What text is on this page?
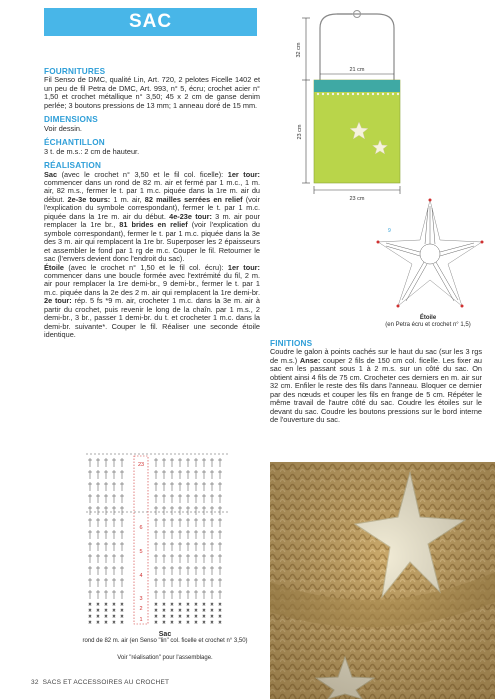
SAC
FOURNITURES

Fil Senso de DMC, qualité Lin, Art. 720, 2 pelotes Ficelle 1402 et un peu de fil Petra de DMC, Art. 993, n° 5, écru; crochet acier n° 1,50 et crochet métallique n° 3,50; 45 x 2 cm de ganse denim perlée; 3 boutons pressions de 13 mm; 1 anneau doré de 15 mm.

DIMENSIONS

Voir dessin.

ÉCHANTILLON

3 t. de m.s.: 2 cm de hauteur.

RÉALISATION

Sac (avec le crochet n° 3,50 et le fil col. ficelle): 1er tour: commencer dans un rond de 82 m. air et fermé par 1 m.c., 1 m. air, 82 m.s., fermer le t. par 1 m.c. piquée dans la 1re m. air du début. 2e-3e tours: 1 m. air, 82 mailles serrées en relief (voir l'explication du symbole correspondant), fermer le t. par 1 m.c. piquée dans la 1re m. air du début. 4e-23e tour: 3 m. air pour remplacer la 1re br., 81 brides en relief (voir l'explication du symbole correspondant), fermer le t. par 1 m.c. piquée dans la 3e des 3 m. air qui remplacent la 1re br. Superposer les 2 épaisseurs et assembler le fond par 1 rg de m.c. Couper le fil. Retourner le sac (l'envers devient donc l'endroit du sac).

Étoile (avec le crochet n° 1,50 et le fil col. écru): 1er tour: commencer dans une boucle formée avec l'extrémité du fil, 2 m. air pour remplacer la 1re demi-br., 9 demi-br., fermer le t. par 1 m.c. piquée dans la 2e des 2 m. air qui remplacent la 1re demi-br. 2e tour: rép. 5 fs *9 m. air, crocheter 1 m.c. dans la 3e m. air à partir du crochet, puis revenir le long de la chaîn. par 1 m.s., 2 demi-br., 3 br., passer 1 demi-br. du t. et crocheter 1 m.c. dans la demi-br. suivante*. Couper le fil. Réaliser une seconde étoile identique.

32 cm
21 cm
23 cm
23 cm
9
Étoile
(en Petra écru et crochet n° 1,5)
FINITIONS

Coudre le galon à points cachés sur le haut du sac (sur les 3 rgs de m.s.) Anse: couper 2 fils de 150 cm col. ficelle. Les fixer au sac en les passant sous 1 à 2 m.s. sur un côté du sac. On obtient ainsi 4 fils de 75 cm. Crocheter ces derniers en m. air sur 32 cm. Enfiler le reste des fils dans l'anneau. Bloquer ce dernier par des nœuds et couper les fils en frange de 5 cm. Répéter le même travail de l'autre côté du sac. Coudre les étoiles sur le devant du sac. Coudre les boutons pressions sur le bord interne de l'ouverture du sac.

×
×
×
×
×
×
×
×
×
×
×
×
×
×
×
×
×
×
×
×
×
×
×
×
×
×
×
×
×
×
×
×
×
×
×
×
×
×
×
×
×
×
×
×
×
×
×
×
×
×
×
×
×
×
×
×
23
6
5
4
3
2
1
Sac
rond de 82 m. air (en Senso "lin" col. ficelle et crochet n° 3,50)
Voir "réalisation" pour l'assemblage.
32 SACS ET ACCESSOIRES AU CROCHET
